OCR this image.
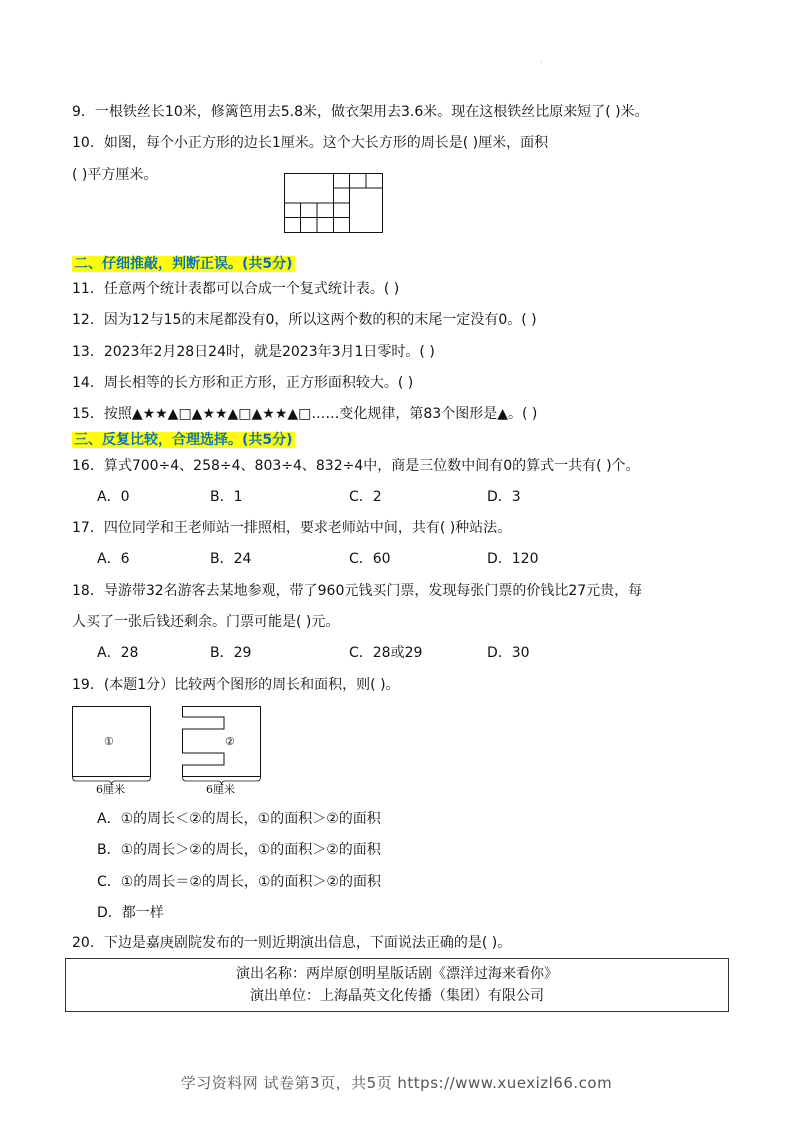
·
9．一根铁丝长10米，修篱笆用去5.8米，做衣架用去3.6米。现在这根铁丝比原来短了( )米。
10．如图，每个小正方形的边长1厘米。这个大长方形的周长是( )厘米，面积
( )平方厘米。
二、仔细推敲，判断正误。(共5分)
11．任意两个统计表都可以合成一个复式统计表。( )
12．因为12与15的末尾都没有0，所以这两个数的积的末尾一定没有0。( )
13．2023年2月28日24时，就是2023年3月1日零时。( )
14．周长相等的长方形和正方形，正方形面积较大。( )
15．按照▲★★▲□▲★★▲□▲★★▲□……变化规律，第83个图形是▲。( )
三、反复比较，合理选择。(共5分)
16．算式700÷4、258÷4、803÷4、832÷4中，商是三位数中间有0的算式一共有( )个。
A．0	B．1	C．2	D．3
17．四位同学和王老师站一排照相，要求老师站中间，共有( )种站法。
A．6	B．24	C．60	D．120
18．导游带32名游客去某地参观，带了960元钱买门票，发现每张门票的价钱比27元贵，每
人买了一张后钱还剩余。门票可能是( )元。
A．28	B．29	C．28或29	D．30
19．(本题1分）比较两个图形的周长和面积，则( )。
①
6厘米
②
6厘米
A．①的周长＜②的周长，①的面积＞②的面积
B．①的周长＞②的周长，①的面积＞②的面积
C．①的周长＝②的周长，①的面积＞②的面积
D．都一样
20．下边是嘉庚剧院发布的一则近期演出信息，下面说法正确的是( )。
演出名称：两岸原创明星版话剧《漂洋过海来看你》
演出单位：上海晶英文化传播（集团）有限公司
学习资料网 试卷第3页，共5页 https://www.xuexizl66.com
